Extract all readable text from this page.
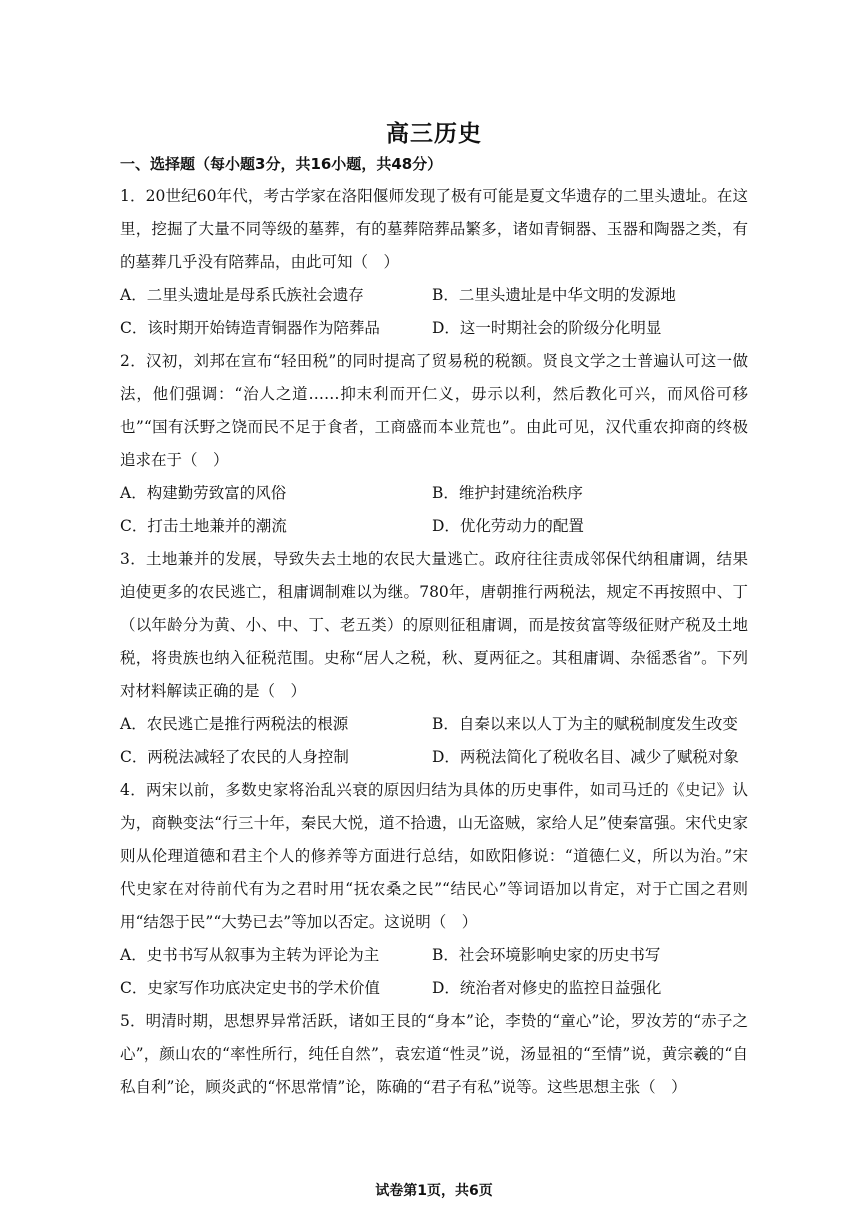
高三历史
一、选择题（每小题3分，共16小题，共48分）
1．20世纪60年代，考古学家在洛阳偃师发现了极有可能是夏文华遗存的二里头遗址。在这里，挖掘了大量不同等级的墓葬，有的墓葬陪葬品繁多，诸如青铜器、玉器和陶器之类，有的墓葬几乎没有陪葬品，由此可知（　）
A．二里头遗址是母系氏族社会遗存	B．二里头遗址是中华文明的发源地
C．该时期开始铸造青铜器作为陪葬品	D．这一时期社会的阶级分化明显
2．汉初，刘邦在宣布“轻田税”的同时提高了贸易税的税额。贤良文学之士普遍认可这一做法，他们强调：“治人之道……抑末利而开仁义，毋示以利，然后教化可兴，而风俗可移也”“国有沃野之饶而民不足于食者，工商盛而本业荒也”。由此可见，汉代重农抑商的终极追求在于（　）
A．构建勤劳致富的风俗	B．维护封建统治秩序
C．打击土地兼并的潮流	D．优化劳动力的配置
3．土地兼并的发展，导致失去土地的农民大量逃亡。政府往往责成邻保代纳租庸调，结果迫使更多的农民逃亡，租庸调制难以为继。780年，唐朝推行两税法，规定不再按照中、丁（以年龄分为黄、小、中、丁、老五类）的原则征租庸调，而是按贫富等级征财产税及土地税，将贵族也纳入征税范围。史称“居人之税，秋、夏两征之。其租庸调、杂徭悉省”。下列对材料解读正确的是（　）
A．农民逃亡是推行两税法的根源	B．自秦以来以人丁为主的赋税制度发生改变
C．两税法减轻了农民的人身控制	D．两税法简化了税收名目、减少了赋税对象
4．两宋以前，多数史家将治乱兴衰的原因归结为具体的历史事件，如司马迁的《史记》认为，商鞅变法“行三十年，秦民大悦，道不拾遗，山无盗贼，家给人足”使秦富强。宋代史家则从伦理道德和君主个人的修养等方面进行总结，如欧阳修说：“道德仁义，所以为治。”宋代史家在对待前代有为之君时用“抚农桑之民”“结民心”等词语加以肯定，对于亡国之君则用“结怨于民”“大势已去”等加以否定。这说明（　）
A．史书书写从叙事为主转为评论为主	B．社会环境影响史家的历史书写
C．史家写作功底决定史书的学术价值	D．统治者对修史的监控日益强化
5．明清时期，思想界异常活跃，诸如王艮的“身本”论，李贽的“童心”论，罗汝芳的“赤子之心”，颜山农的“率性所行，纯任自然”，袁宏道“性灵”说，汤显祖的“至情”说，黄宗羲的“自私自利”论，顾炎武的“怀思常情”论，陈确的“君子有私”说等。这些思想主张（　）
试卷第1页，共6页
